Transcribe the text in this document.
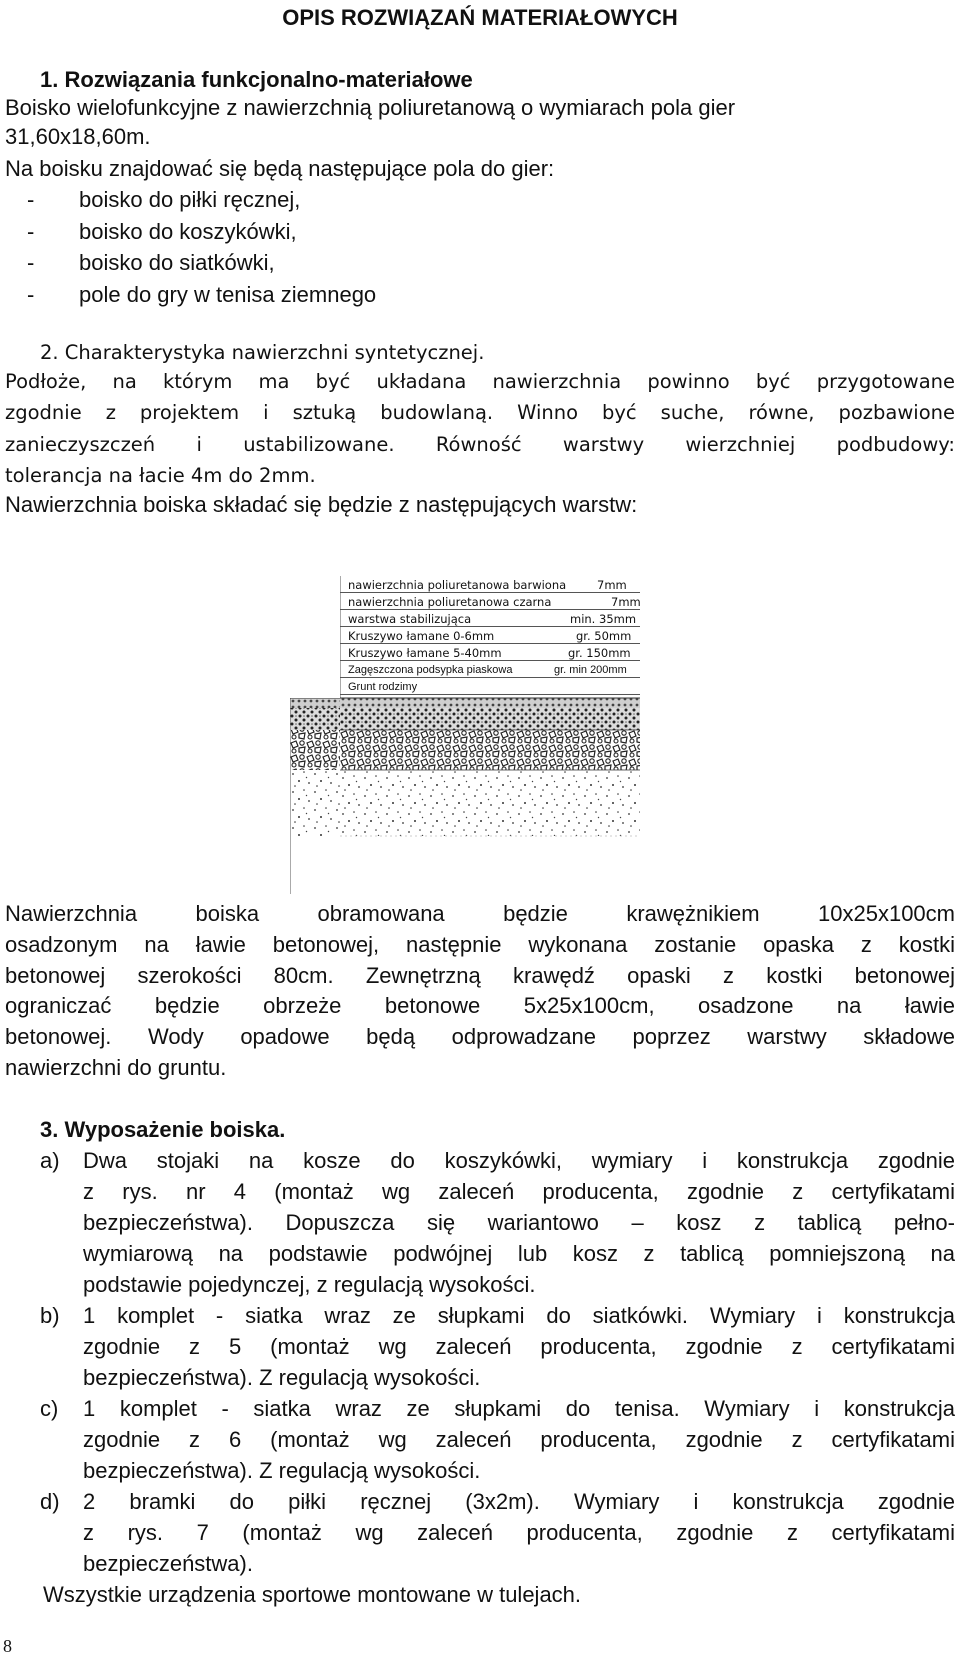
OPIS ROZWIĄZAŃ MATERIAŁOWYCH
1. Rozwiązania funkcjonalno-materiałowe
Boisko wielofunkcyjne z nawierzchnią poliuretanową o wymiarach pola gier
31,60x18,60m.
Na boisku znajdować się będą następujące pola do gier:
- boisko do piłki ręcznej,
- boisko do koszykówki,
- boisko do siatkówki,
- pole do gry w tenisa ziemnego
2. Charakterystyka nawierzchni syntetycznej.
Podłoże, na którym ma być układana nawierzchnia powinno być przygotowane
zgodnie z projektem i sztuką budowlaną. Winno być suche, równe, pozbawione
zanieczyszczeń i ustabilizowane. Równość warstwy wierzchniej podbudowy:
tolerancja na łacie 4m do 2mm.
Nawierzchnia boiska składać się będzie z następujących warstw:
nawierzchnia poliuretanowa barwiona	7mm
nawierzchnia poliuretanowa czarna	7mm
warstwa stabilizująca	min. 35mm
Kruszywo łamane 0-6mm	gr. 50mm
Kruszywo łamane 5-40mm	gr. 150mm
Zagęszczona podsypka piaskowa	gr. min 200mm
Grunt rodzimy
Nawierzchnia boiska obramowana będzie krawężnikiem 10x25x100cm
osadzonym na ławie betonowej, następnie wykonana zostanie opaska z kostki
betonowej szerokości 80cm. Zewnętrzną krawędź opaski z kostki betonowej
ograniczać będzie obrzeże betonowe 5x25x100cm, osadzone na ławie
betonowej. Wody opadowe będą odprowadzane poprzez warstwy składowe
nawierzchni do gruntu.
3. Wyposażenie boiska.
a) Dwa stojaki na kosze do koszykówki, wymiary i konstrukcja zgodnie
z rys. nr 4 (montaż wg zaleceń producenta, zgodnie z certyfikatami
bezpieczeństwa). Dopuszcza się wariantowo – kosz z tablicą pełno-
wymiarową na podstawie podwójnej lub kosz z tablicą pomniejszoną na
podstawie pojedynczej, z regulacją wysokości.
b) 1 komplet - siatka wraz ze słupkami do siatkówki. Wymiary i konstrukcja
zgodnie z 5 (montaż wg zaleceń producenta, zgodnie z certyfikatami
bezpieczeństwa). Z regulacją wysokości.
c) 1 komplet - siatka wraz ze słupkami do tenisa. Wymiary i konstrukcja
zgodnie z 6 (montaż wg zaleceń producenta, zgodnie z certyfikatami
bezpieczeństwa). Z regulacją wysokości.
d) 2 bramki do piłki ręcznej (3x2m). Wymiary i konstrukcja zgodnie
z rys. 7 (montaż wg zaleceń producenta, zgodnie z certyfikatami
bezpieczeństwa).
Wszystkie urządzenia sportowe montowane w tulejach.
8
